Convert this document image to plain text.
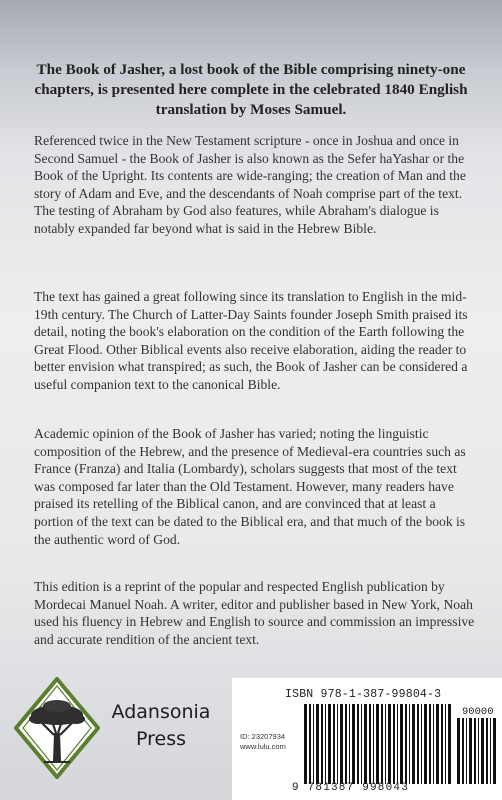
The Book of Jasher, a lost book of the Bible comprising ninety-one chapters, is presented here complete in the celebrated 1840 English translation by Moses Samuel.

Referenced twice in the New Testament scripture - once in Joshua and once in Second Samuel - the Book of Jasher is also known as the Sefer haYashar or the Book of the Upright. Its contents are wide-ranging; the creation of Man and the story of Adam and Eve, and the descendants of Noah comprise part of the text. The testing of Abraham by God also features, while Abraham's dialogue is notably expanded far beyond what is said in the Hebrew Bible.

The text has gained a great following since its translation to English in the mid-19th century. The Church of Latter-Day Saints founder Joseph Smith praised its detail, noting the book's elaboration on the condition of the Earth following the Great Flood. Other Biblical events also receive elaboration, aiding the reader to better envision what transpired; as such, the Book of Jasher can be considered a useful companion text to the canonical Bible.

Academic opinion of the Book of Jasher has varied; noting the linguistic composition of the Hebrew, and the presence of Medieval-era countries such as France (Franza) and Italia (Lombardy), scholars suggests that most of the text was composed far later than the Old Testament. However, many readers have praised its retelling of the Biblical canon, and are convinced that at least a portion of the text can be dated to the Biblical era, and that much of the book is the authentic word of God.

This edition is a reprint of the popular and respected English publication by Mordecai Manuel Noah. A writer, editor and publisher based in New York, Noah used his fluency in Hebrew and English to source and commission an impressive and accurate rendition of the ancient text.

Adansonia
Press
ISBN 978-1-387-99804-3
90000
ID: 23207934
www.lulu.com
9 781387 998043
